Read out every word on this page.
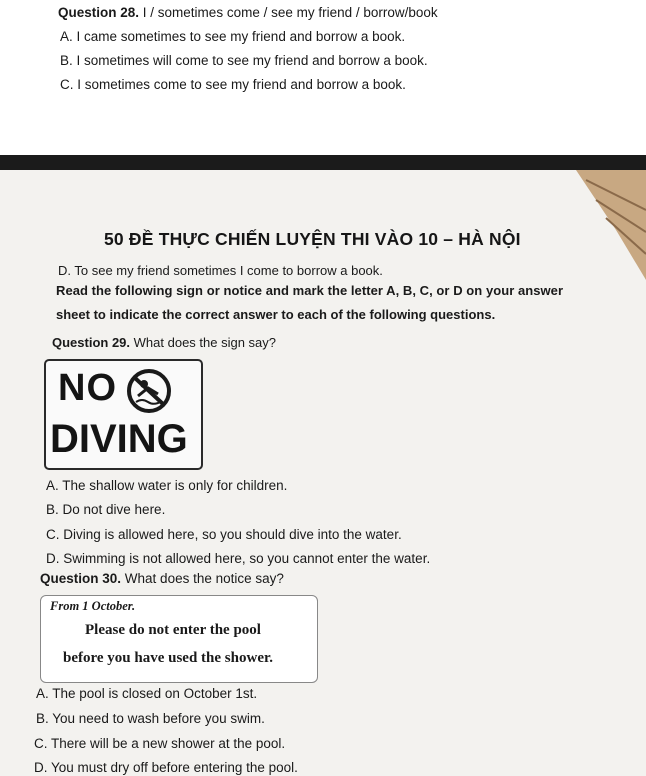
Question 28. I / sometimes come / see my friend / borrow/book
A. I came sometimes to see my friend and borrow a book.
B. I sometimes will come to see my friend and borrow a book.
C. I sometimes come to see my friend and borrow a book.
50 ĐỀ THỰC CHIẾN LUYỆN THI VÀO 10 – HÀ NỘI
D. To see my friend sometimes I come to borrow a book.
Read the following sign or notice and mark the letter A, B, C, or D on your answer
sheet to indicate the correct answer to each of the following questions.
Question 29. What does the sign say?
NO
DIVING
A. The shallow water is only for children.
B. Do not dive here.
C. Diving is allowed here, so you should dive into the water.
D. Swimming is not allowed here, so you cannot enter the water.
Question 30. What does the notice say?
From 1 October.
Please do not enter the pool
before you have used the shower.
A. The pool is closed on October 1st.
B. You need to wash before you swim.
C. There will be a new shower at the pool.
D. You must dry off before entering the pool.
